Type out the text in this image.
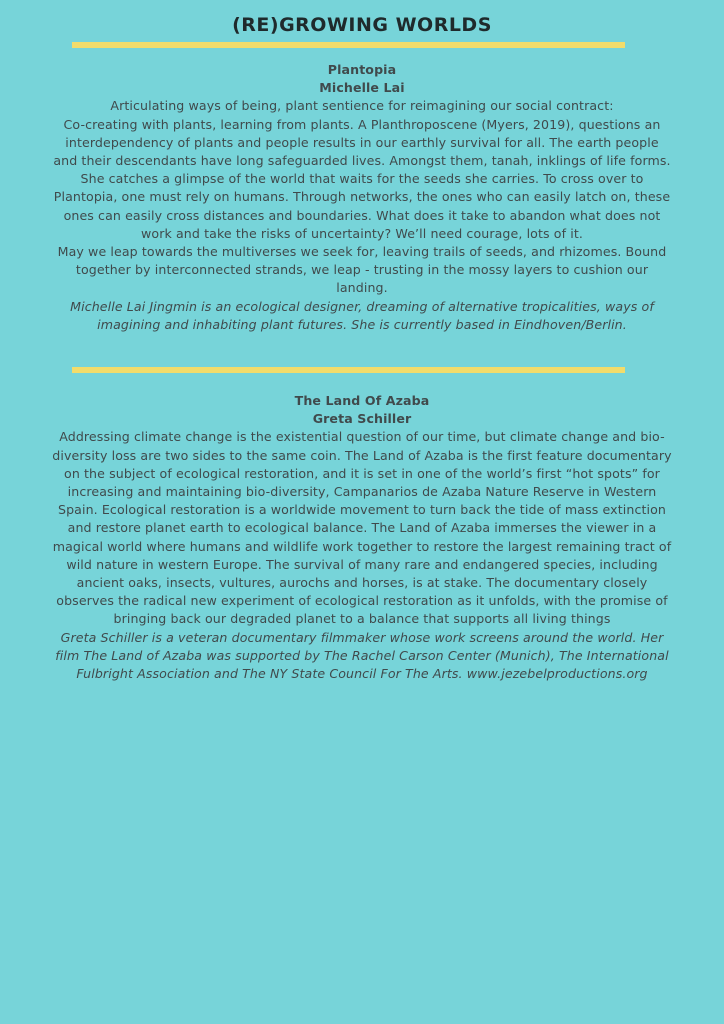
(RE)GROWING WORLDS
Plantopia
Michelle Lai

Articulating ways of being, plant sentience for reimagining our social contract:

Co-creating with plants, learning from plants. A Planthroposcene (Myers, 2019), questions an interdependency of plants and people results in our earthly survival for all. The earth people and their descendants have long safeguarded lives. Amongst them, tanah, inklings of life forms.

She catches a glimpse of the world that waits for the seeds she carries. To cross over to Plantopia, one must rely on humans. Through networks, the ones who can easily latch on, these ones can easily cross distances and boundaries. What does it take to abandon what does not work and take the risks of uncertainty? We’ll need courage, lots of it.

May we leap towards the multiverses we seek for, leaving trails of seeds, and rhizomes. Bound together by interconnected strands, we leap - trusting in the mossy layers to cushion our landing.

Michelle Lai Jingmin is an ecological designer, dreaming of alternative tropicalities, ways of imagining and inhabiting plant futures. She is currently based in Eindhoven/Berlin.

The Land Of Azaba
Greta Schiller

Addressing climate change is the existential question of our time, but climate change and bio-diversity loss are two sides to the same coin. The Land of Azaba is the first feature documentary on the subject of ecological restoration, and it is set in one of the world’s first “hot spots” for increasing and maintaining bio-diversity, Campanarios de Azaba Nature Reserve in Western Spain. Ecological restoration is a worldwide movement to turn back the tide of mass extinction and restore planet earth to ecological balance. The Land of Azaba immerses the viewer in a magical world where humans and wildlife work together to restore the largest remaining tract of wild nature in western Europe. The survival of many rare and endangered species, including ancient oaks, insects, vultures, aurochs and horses, is at stake. The documentary closely observes the radical new experiment of ecological restoration as it unfolds, with the promise of bringing back our degraded planet to a balance that supports all living things

Greta Schiller is a veteran documentary filmmaker whose work screens around the world. Her film The Land of Azaba was supported by The Rachel Carson Center (Munich), The International Fulbright Association and The NY State Council For The Arts. www.jezebelproductions.org
